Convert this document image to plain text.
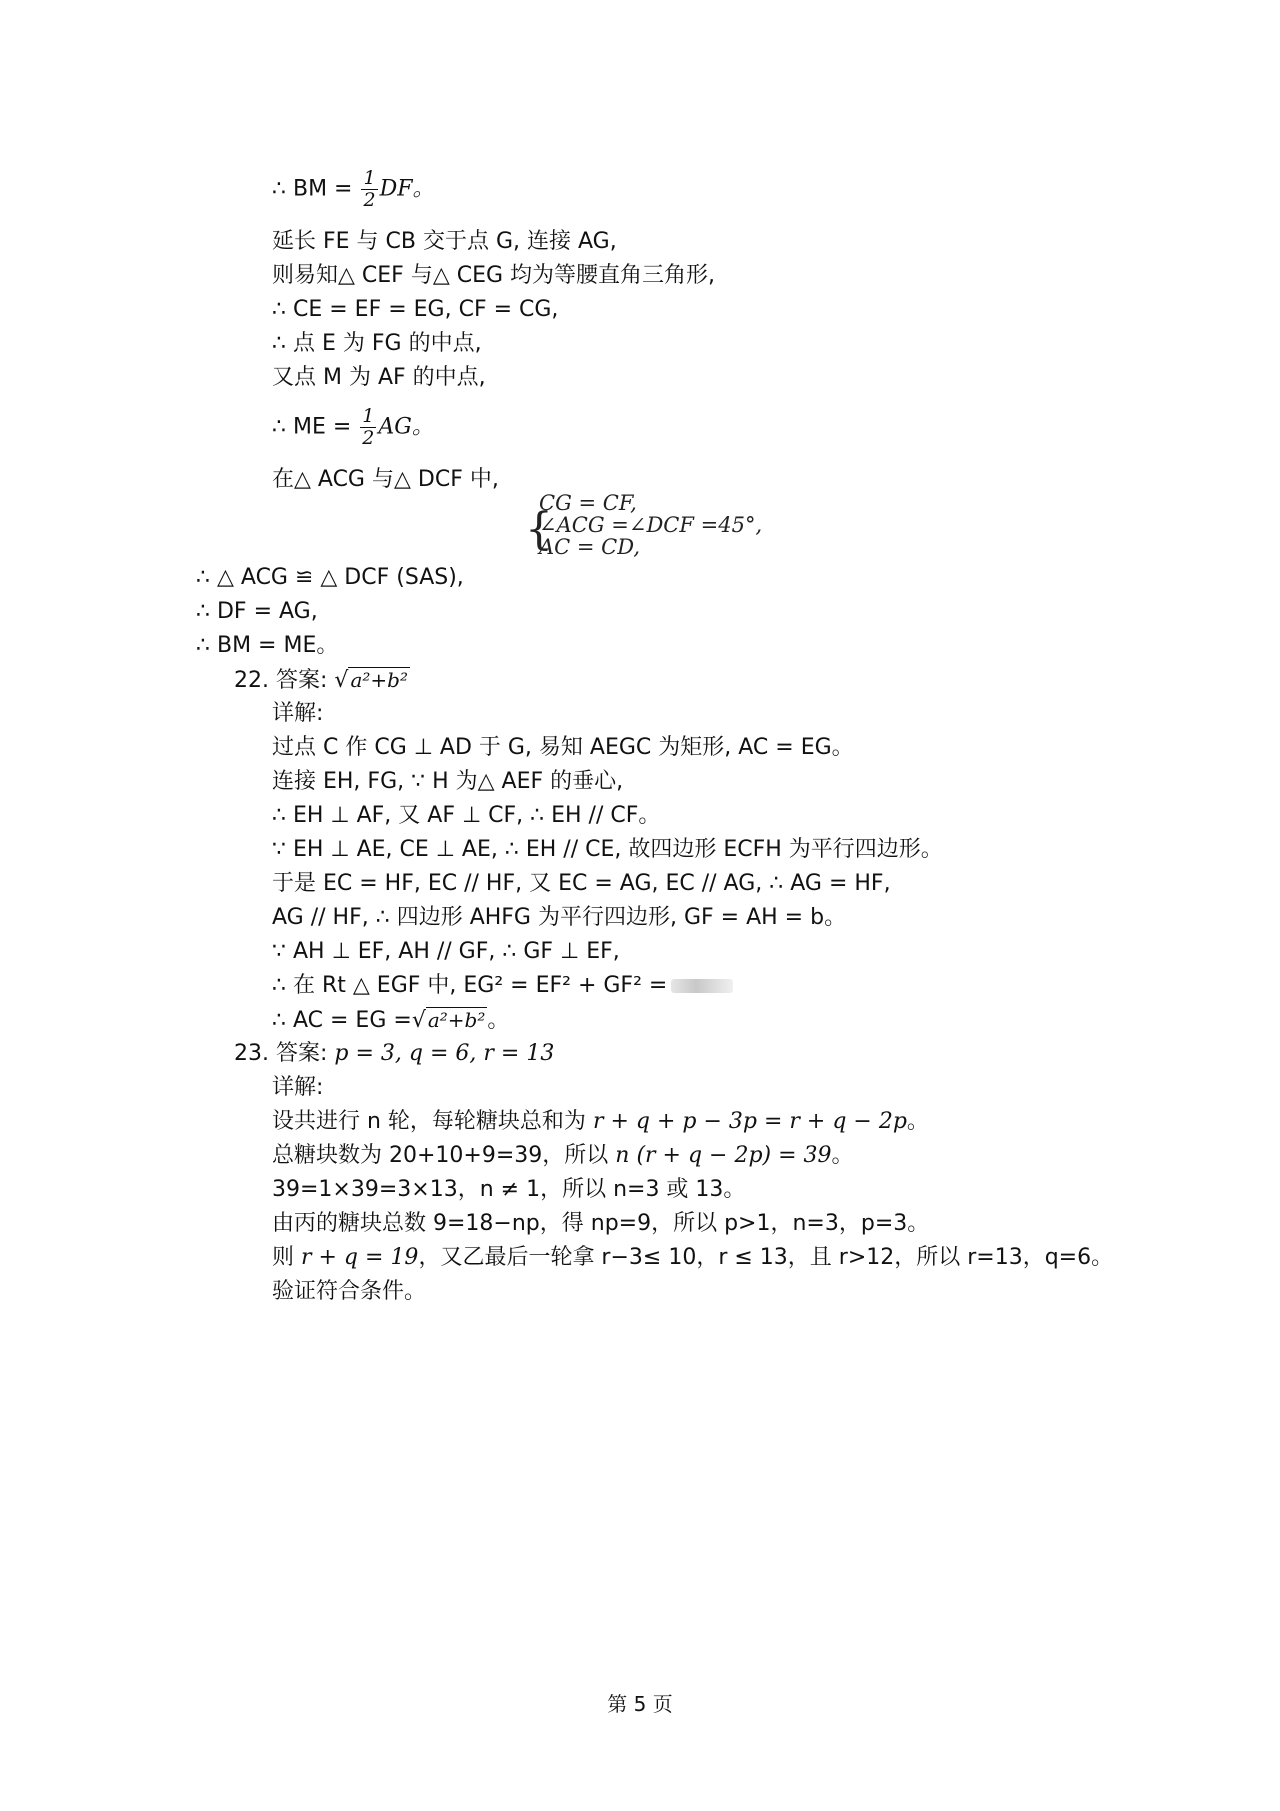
∴ BM = $\frac{1}{2}$ DF。
延长 FE 与 CB 交于点 G, 连接 AG,
则易知△ CEF 与△ CEG 均为等腰直角三角形,
∴ CE = EF = EG, CF = CG,
∴ 点 E 为 FG 的中点,
又点 M 为 AF 的中点,
∴ ME = $\frac{1}{2}$ AG。
在△ ACG 与△ DCF 中,
{
CG = CF,
∠ACG =∠DCF =45°,
AC = CD,
∴ △ ACG ≌ △ DCF (SAS),
∴ DF = AG,
∴ BM = ME。
22. 答案: √ a²+b²
详解:
过点 C 作 CG ⊥ AD 于 G, 易知 AEGC 为矩形, AC = EG。
连接 EH, FG, ∵ H 为△ AEF 的垂心,
∴ EH ⊥ AF, 又 AF ⊥ CF, ∴ EH // CF。
∵ EH ⊥ AE, CE ⊥ AE, ∴ EH // CE, 故四边形 ECFH 为平行四边形。
于是 EC = HF, EC // HF, 又 EC = AG, EC // AG, ∴ AG = HF,
AG // HF, ∴ 四边形 AHFG 为平行四边形, GF = AH = b。
∵ AH ⊥ EF, AH // GF, ∴ GF ⊥ EF,
∴ 在 Rt △ EGF 中, EG² = EF² + GF² =
∴ AC = EG =√ a²+b²。
23. 答案: p = 3, q = 6, r = 13
详解:
设共进行 n 轮，每轮糖块总和为 r + q + p − 3p = r + q − 2p。
总糖块数为 20+10+9=39，所以 n (r + q − 2p) = 39。
39=1×39=3×13，n ≠ 1，所以 n=3 或 13。
由丙的糖块总数 9=18−np，得 np=9，所以 p>1，n=3，p=3。
则 r + q = 19，又乙最后一轮拿 r−3≤ 10，r ≤ 13，且 r>12，所以 r=13，q=6。
验证符合条件。
第 5 页
